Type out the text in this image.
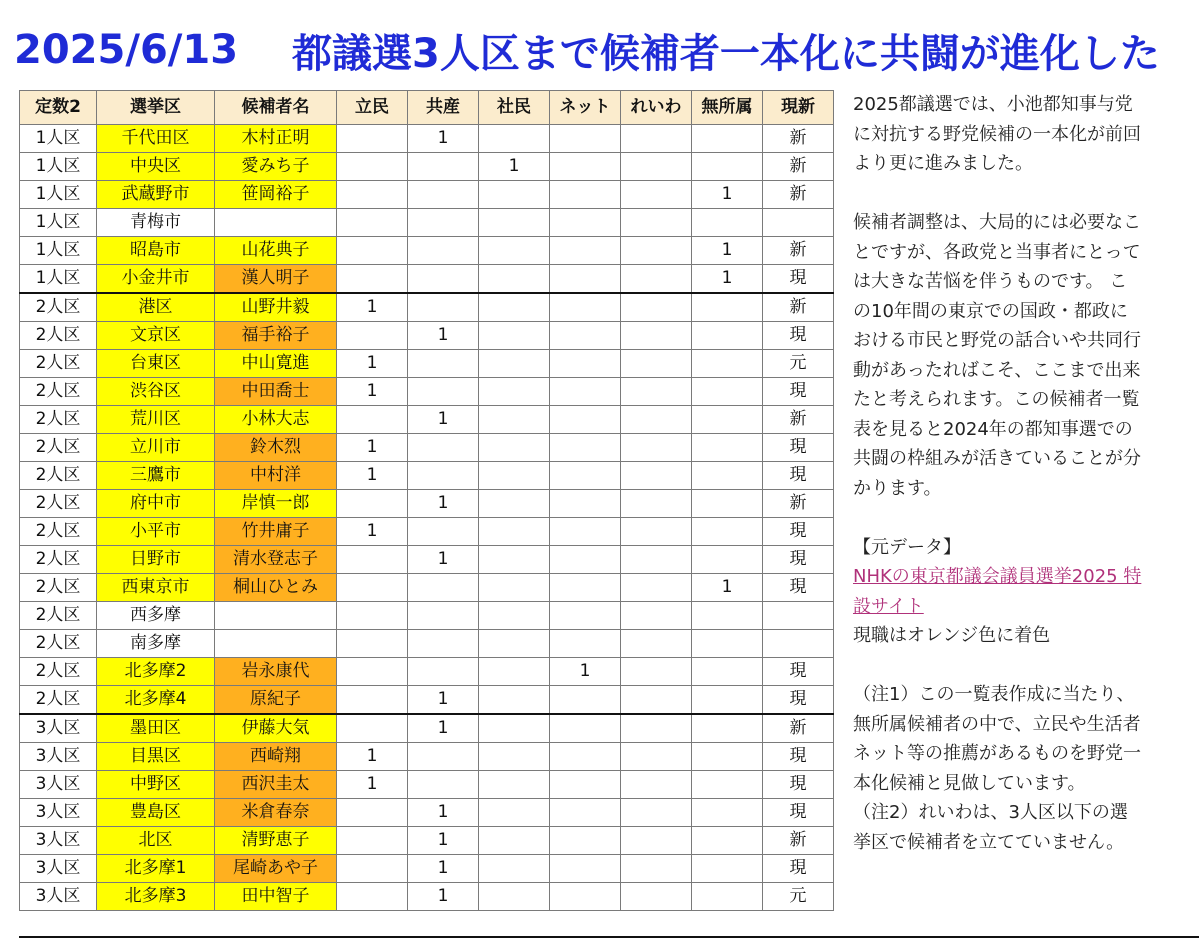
2025/6/13 都議選3人区まで候補者一本化に共闘が進化した
定数2	選挙区	候補者名	立民	共産	社民	ネット	れいわ	無所属	現新
1人区	千代田区	木村正明		1					新
1人区	中央区	愛みち子			1				新
1人区	武蔵野市	笹岡裕子						1	新
1人区	青梅市								
1人区	昭島市	山花典子						1	新
1人区	小金井市	漢人明子						1	現
2人区	港区	山野井毅	1						新
2人区	文京区	福手裕子		1					現
2人区	台東区	中山寛進	1						元
2人区	渋谷区	中田喬士	1						現
2人区	荒川区	小林大志		1					新
2人区	立川市	鈴木烈	1						現
2人区	三鷹市	中村洋	1						現
2人区	府中市	岸慎一郎		1					新
2人区	小平市	竹井庸子	1						現
2人区	日野市	清水登志子		1					現
2人区	西東京市	桐山ひとみ						1	現
2人区	西多摩								
2人区	南多摩								
2人区	北多摩2	岩永康代				1			現
2人区	北多摩4	原紀子		1					現
3人区	墨田区	伊藤大気		1					新
3人区	目黒区	西崎翔	1						現
3人区	中野区	西沢圭太	1						現
3人区	豊島区	米倉春奈		1					現
3人区	北区	清野恵子		1					新
3人区	北多摩1	尾崎あや子		1					現
3人区	北多摩3	田中智子		1					元

2025都議選では、小池都知事与党
に対抗する野党候補の一本化が前回
より更に進みました。

候補者調整は、大局的には必要なこ
とですが、各政党と当事者にとって
は大きな苦悩を伴うものです。 こ
の10年間の東京での国政・都政に
おける市民と野党の話合いや共同行
動があったればこそ、ここまで出来
たと考えられます。この候補者一覧
表を見ると2024年の都知事選での
共闘の枠組みが活きていることが分
かります。

【元データ】

NHKの東京都議会議員選挙2025 特
設サイト

現職はオレンジ色に着色

（注1）この一覧表作成に当たり、
無所属候補者の中で、立民や生活者
ネット等の推薦があるものを野党一
本化候補と見做しています。

（注2）れいわは、3人区以下の選
挙区で候補者を立てていません。
